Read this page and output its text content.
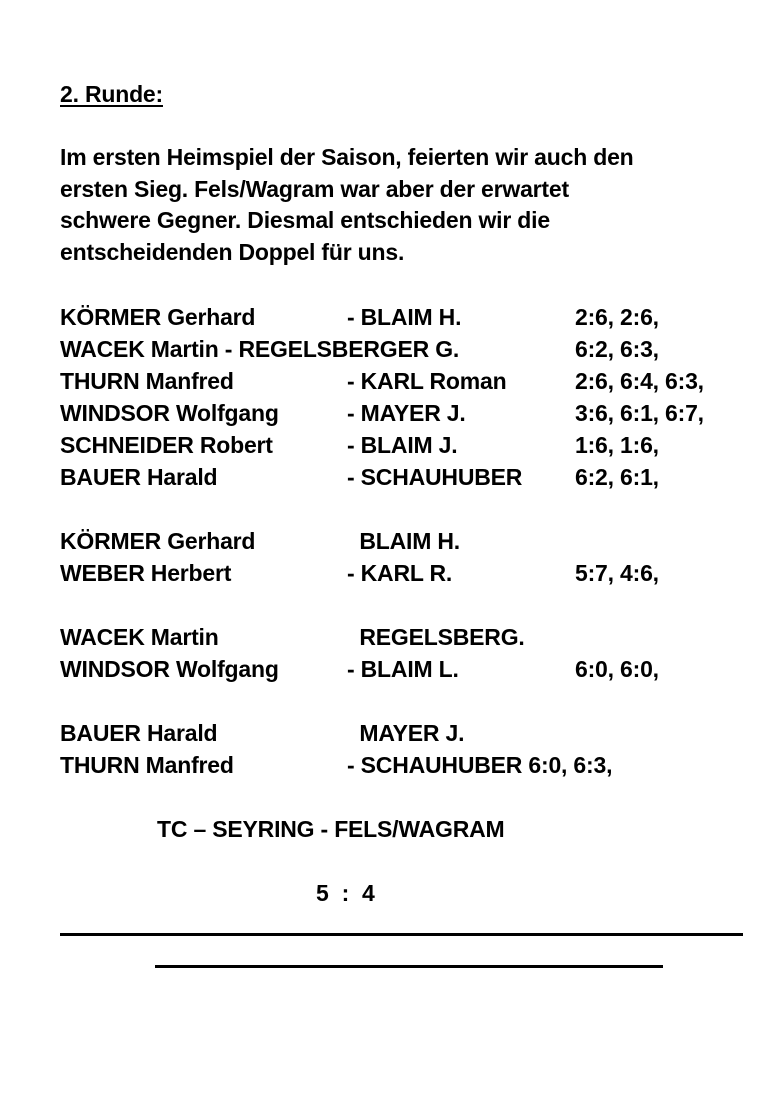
2. Runde:
Im ersten Heimspiel der Saison, feierten wir auch den
ersten Sieg. Fels/Wagram war aber der erwartet
schwere Gegner. Diesmal entschieden wir die
entscheidenden Doppel für uns.
KÖRMER Gerhard	- BLAIM H.	2:6, 2:6,
WACEK Martin - REGELSBERGER G.	6:2, 6:3,
THURN Manfred	- KARL Roman	2:6, 6:4, 6:3,
WINDSOR Wolfgang	- MAYER J.	3:6, 6:1, 6:7,
SCHNEIDER Robert	- BLAIM J.	1:6, 1:6,
BAUER Harald	- SCHAUHUBER 6:2, 6:1,
KÖRMER Gerhard	BLAIM H.
WEBER Herbert	- KARL R.	5:7, 4:6,
WACEK Martin	REGELSBERG.
WINDSOR Wolfgang	- BLAIM L.	6:0, 6:0,
BAUER Harald	MAYER J.
THURN Manfred	- SCHAUHUBER 6:0, 6:3,
TC – SEYRING - FELS/WAGRAM
5  :  4
